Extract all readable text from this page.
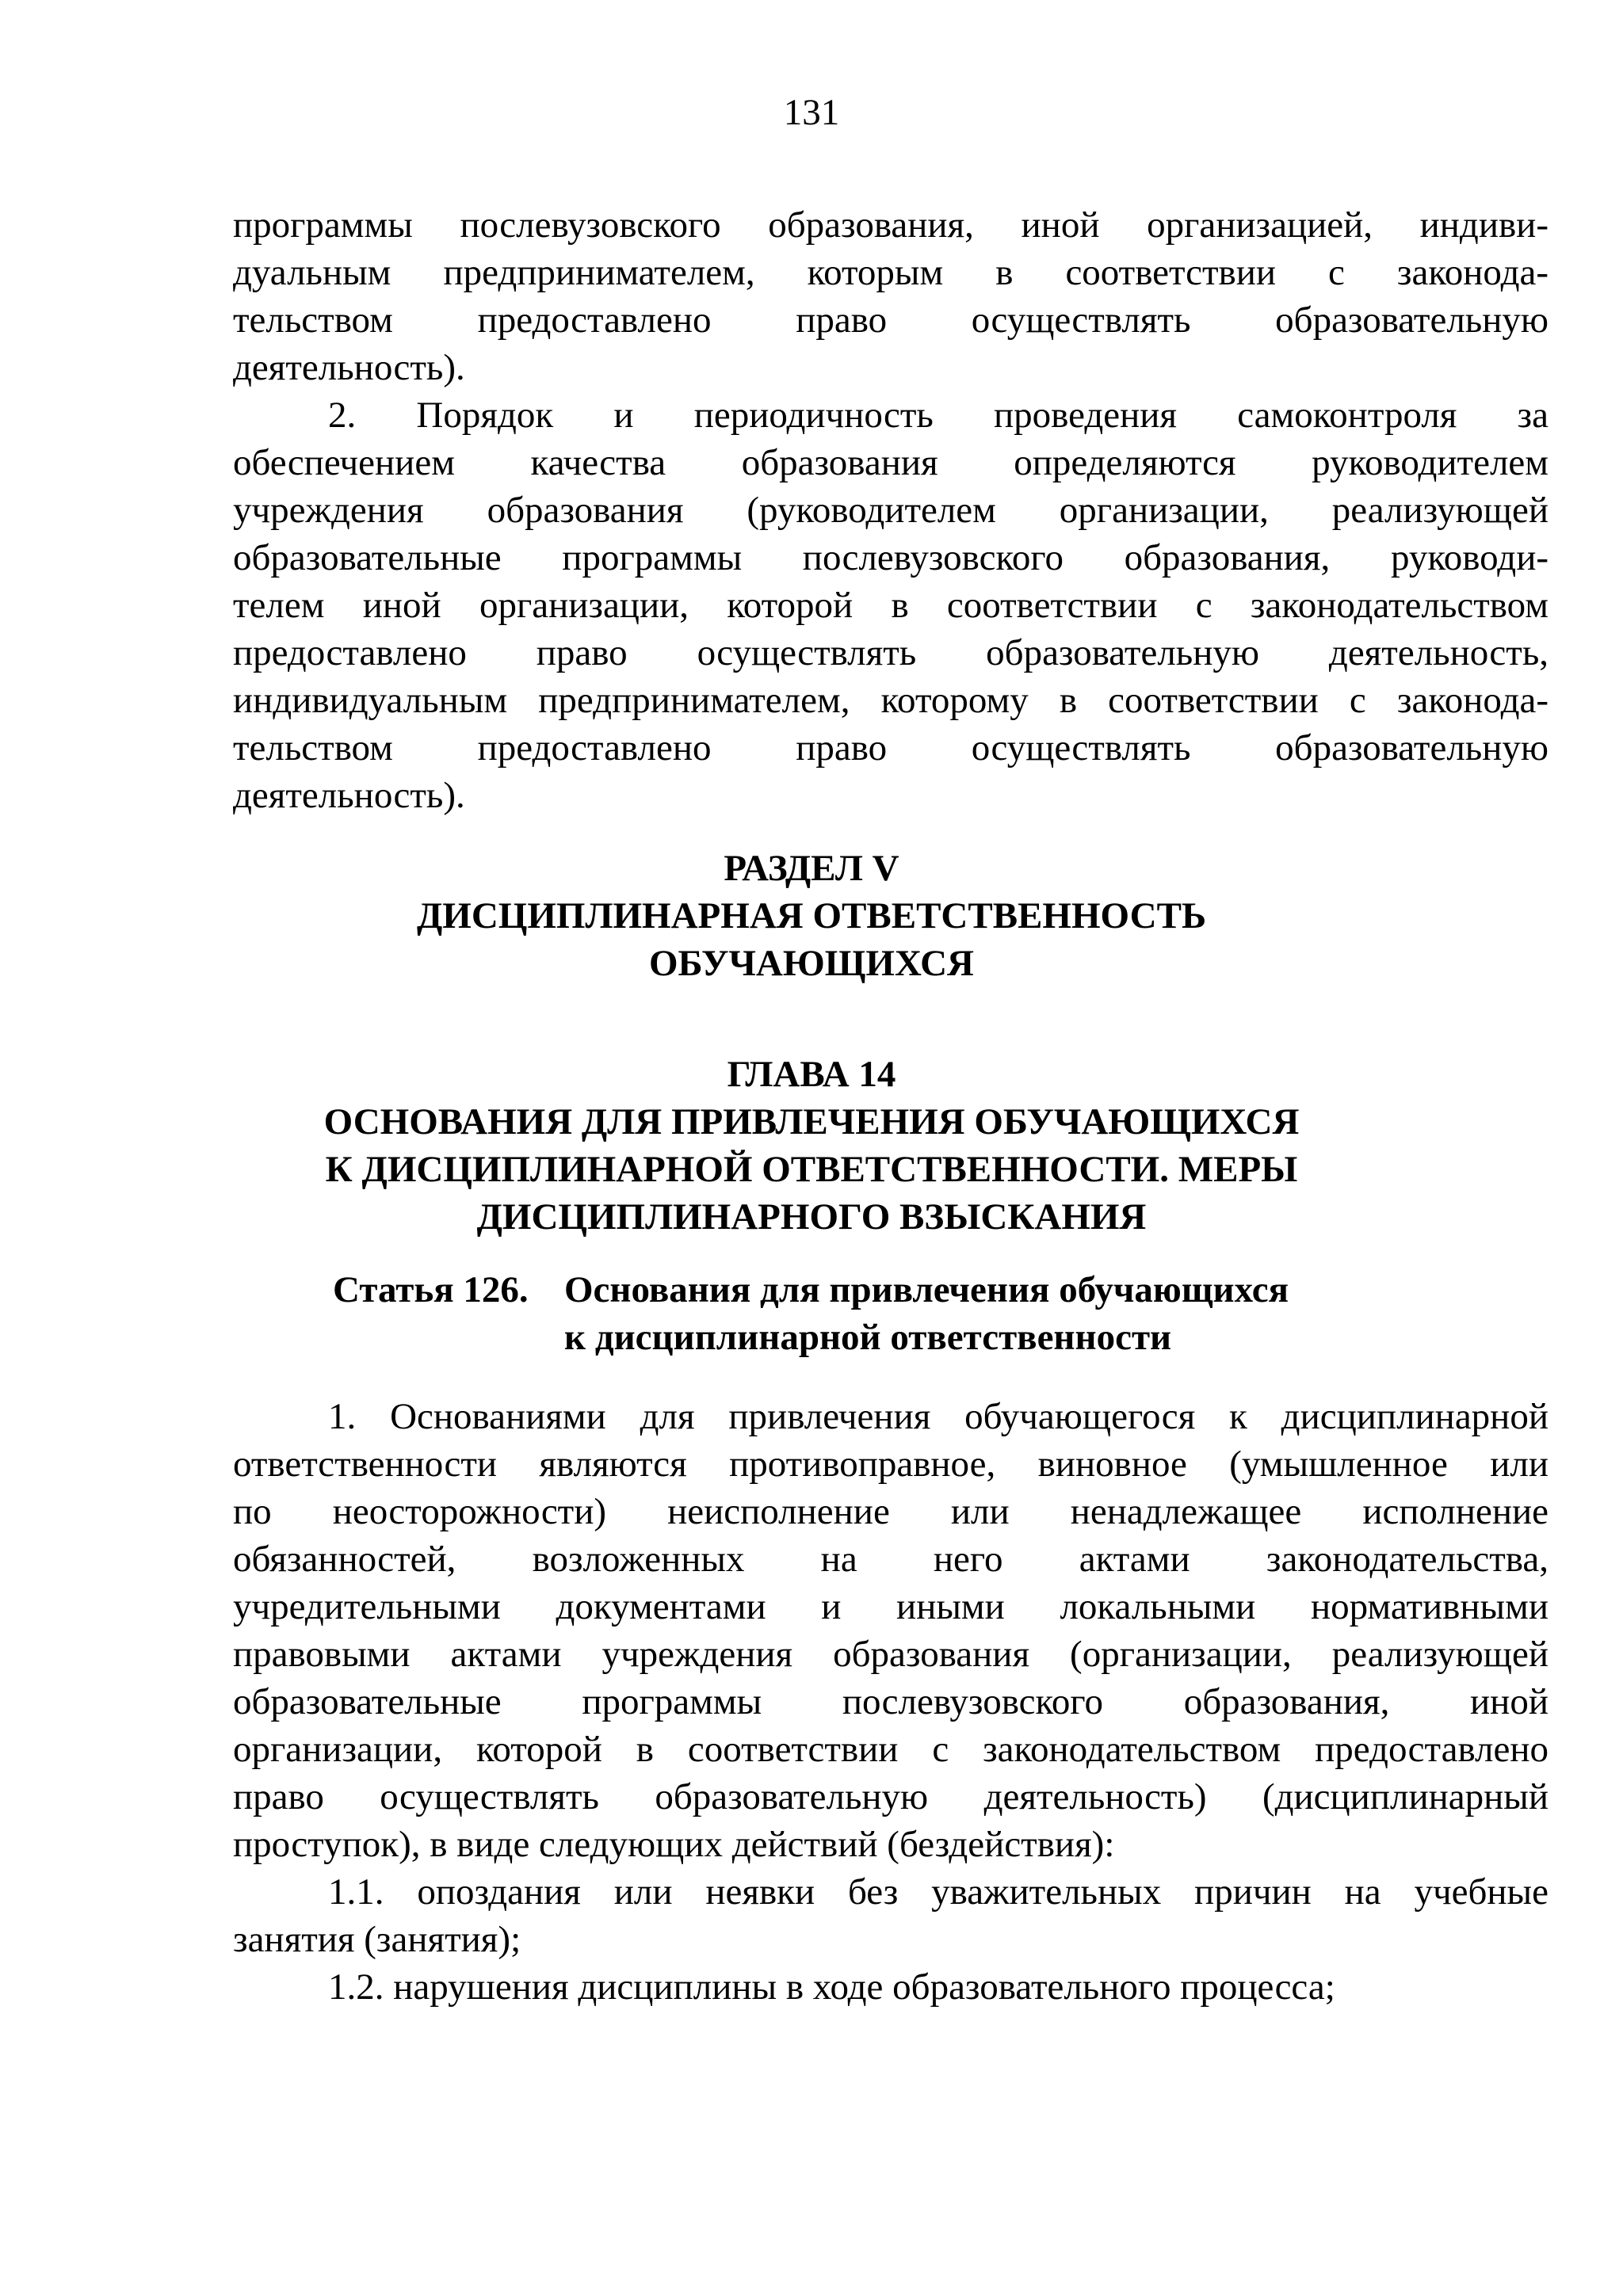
131
программы послевузовского образования, иной организацией, индиви-
дуальным предпринимателем, которым в соответствии с законода-
тельством предоставлено право осуществлять образовательную
деятельность).
2. Порядок и периодичность проведения самоконтроля за
обеспечением качества образования определяются руководителем
учреждения образования (руководителем организации, реализующей
образовательные программы послевузовского образования, руководи-
телем иной организации, которой в соответствии с законодательством
предоставлено право осуществлять образовательную деятельность,
индивидуальным предпринимателем, которому в соответствии с законода-
тельством предоставлено право осуществлять образовательную
деятельность).
РАЗДЕЛ V
ДИСЦИПЛИНАРНАЯ ОТВЕТСТВЕННОСТЬ
ОБУЧАЮЩИХСЯ
ГЛАВА 14
ОСНОВАНИЯ ДЛЯ ПРИВЛЕЧЕНИЯ ОБУЧАЮЩИХСЯ
К ДИСЦИПЛИНАРНОЙ ОТВЕТСТВЕННОСТИ. МЕРЫ
ДИСЦИПЛИНАРНОГО ВЗЫСКАНИЯ
Статья 126. Основания для привлечения обучающихся
к дисциплинарной ответственности
1. Основаниями для привлечения обучающегося к дисциплинарной
ответственности являются противоправное, виновное (умышленное или
по неосторожности) неисполнение или ненадлежащее исполнение
обязанностей, возложенных на него актами законодательства,
учредительными документами и иными локальными нормативными
правовыми актами учреждения образования (организации, реализующей
образовательные программы послевузовского образования, иной
организации, которой в соответствии с законодательством предоставлено
право осуществлять образовательную деятельность) (дисциплинарный
проступок), в виде следующих действий (бездействия):
1.1. опоздания или неявки без уважительных причин на учебные
занятия (занятия);
1.2. нарушения дисциплины в ходе образовательного процесса;
